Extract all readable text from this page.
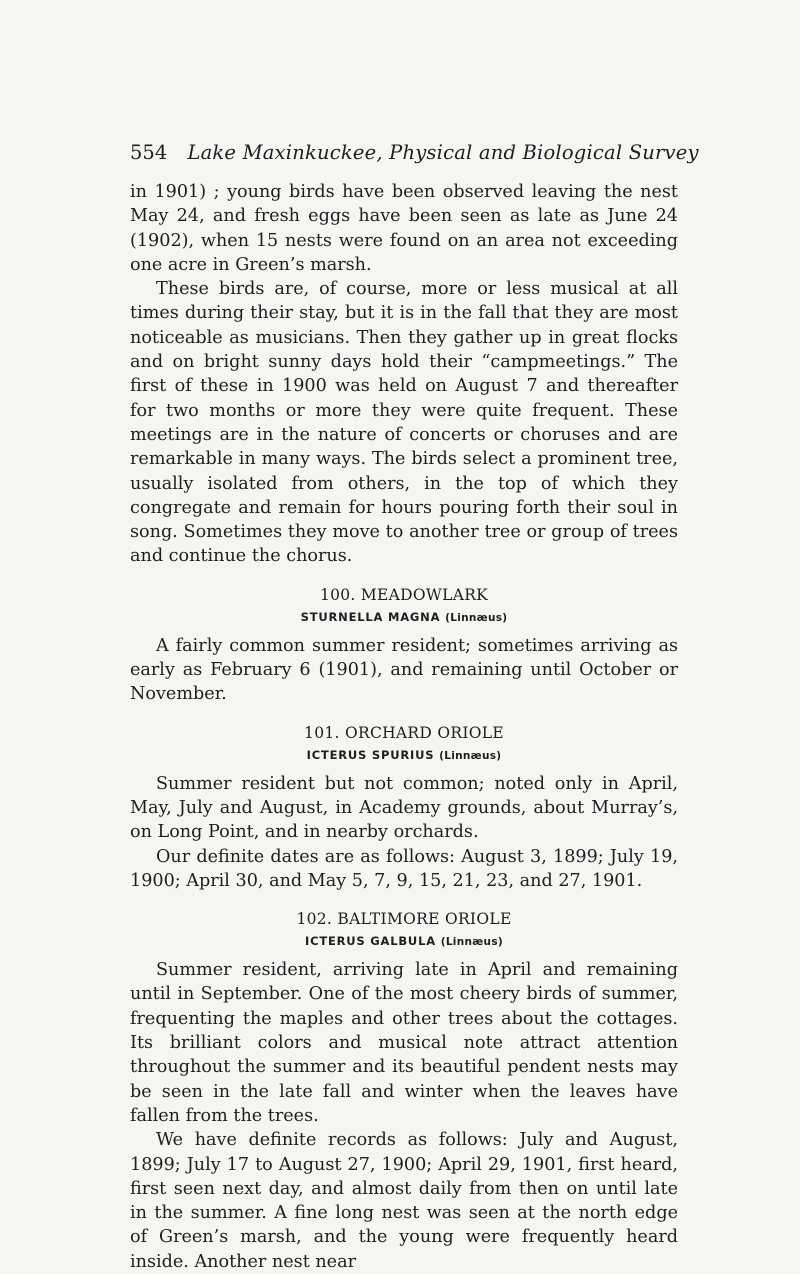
554 Lake Maxinkuckee, Physical and Biological Survey

in 1901) ; young birds have been observed leaving the nest May 24, and fresh eggs have been seen as late as June 24 (1902), when 15 nests were found on an area not exceeding one acre in Green’s marsh.

These birds are, of course, more or less musical at all times during their stay, but it is in the fall that they are most noticeable as musicians. Then they gather up in great flocks and on bright sunny days hold their “campmeetings.” The first of these in 1900 was held on August 7 and thereafter for two months or more they were quite frequent. These meetings are in the nature of concerts or choruses and are remarkable in many ways. The birds select a prominent tree, usually isolated from others, in the top of which they congregate and remain for hours pouring forth their soul in song. Sometimes they move to another tree or group of trees and continue the chorus.

100. MEADOWLARK
STURNELLA MAGNA (Linnæus)

A fairly common summer resident; sometimes arriving as early as February 6 (1901), and remaining until October or November.

101. ORCHARD ORIOLE
ICTERUS SPURIUS (Linnæus)

Summer resident but not common; noted only in April, May, July and August, in Academy grounds, about Murray’s, on Long Point, and in nearby orchards.

Our definite dates are as follows: August 3, 1899; July 19, 1900; April 30, and May 5, 7, 9, 15, 21, 23, and 27, 1901.

102. BALTIMORE ORIOLE
ICTERUS GALBULA (Linnæus)

Summer resident, arriving late in April and remaining until in September. One of the most cheery birds of summer, frequenting the maples and other trees about the cottages. Its brilliant colors and musical note attract attention throughout the summer and its beautiful pendent nests may be seen in the late fall and winter when the leaves have fallen from the trees.

We have definite records as follows: July and August, 1899; July 17 to August 27, 1900; April 29, 1901, first heard, first seen next day, and almost daily from then on until late in the summer. A fine long nest was seen at the north edge of Green’s marsh, and the young were frequently heard inside. Another nest near
